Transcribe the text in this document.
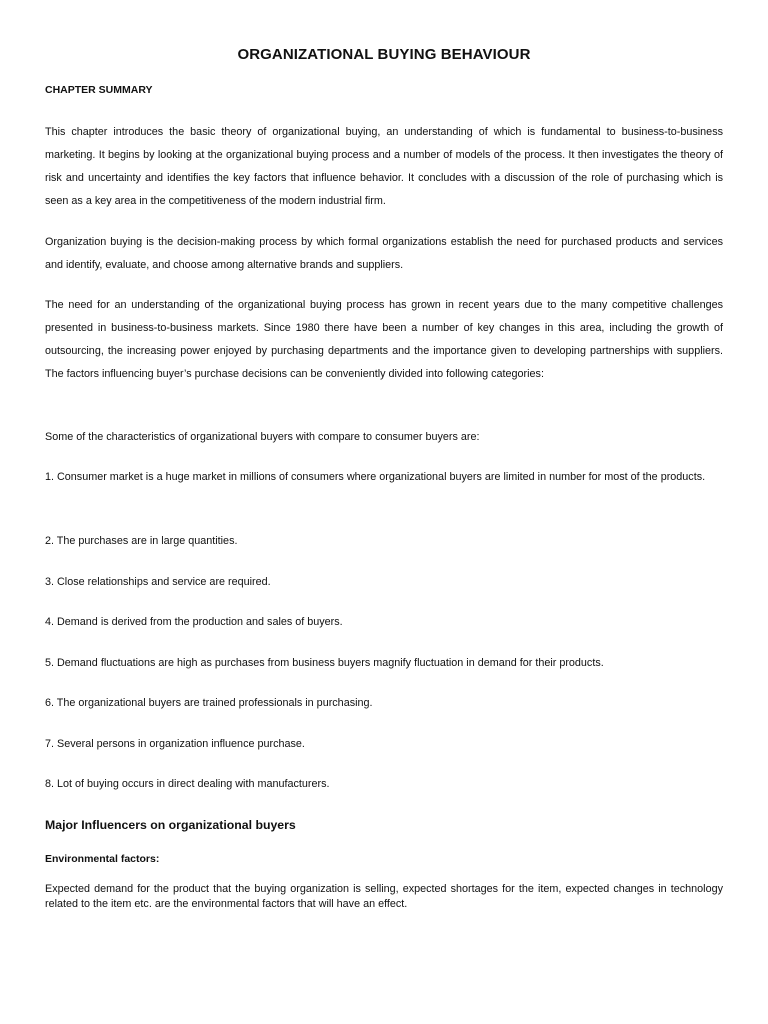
ORGANIZATIONAL BUYING BEHAVIOUR
CHAPTER SUMMARY

This chapter introduces the basic theory of organizational buying, an understanding of which is fundamental to business-to-business marketing. It begins by looking at the organizational buying process and a number of models of the process. It then investigates the theory of risk and uncertainty and identifies the key factors that influence behavior. It concludes with a discussion of the role of purchasing which is seen as a key area in the competitiveness of the modern industrial firm.

Organization buying is the decision-making process by which formal organizations establish the need for purchased products and services and identify, evaluate, and choose among alternative brands and suppliers.

The need for an understanding of the organizational buying process has grown in recent years due to the many competitive challenges presented in business-to-business markets. Since 1980 there have been a number of key changes in this area, including the growth of outsourcing, the increasing power enjoyed by purchasing departments and the importance given to developing partnerships with suppliers. The factors influencing buyer’s purchase decisions can be conveniently divided into following categories:

Some of the characteristics of organizational buyers with compare to consumer buyers are:

1. Consumer market is a huge market in millions of consumers where organizational buyers are limited in number for most of the products.
2. The purchases are in large quantities.
3. Close relationships and service are required.
4. Demand is derived from the production and sales of buyers.
5. Demand fluctuations are high as purchases from business buyers magnify fluctuation in demand for their products.
6. The organizational buyers are trained professionals in purchasing.
7. Several persons in organization influence purchase.
8. Lot of buying occurs in direct dealing with manufacturers.
Major Influencers on organizational buyers
Environmental factors:

Expected demand for the product that the buying organization is selling, expected shortages for the item, expected changes in technology related to the item etc. are the environmental factors that will have an effect.
